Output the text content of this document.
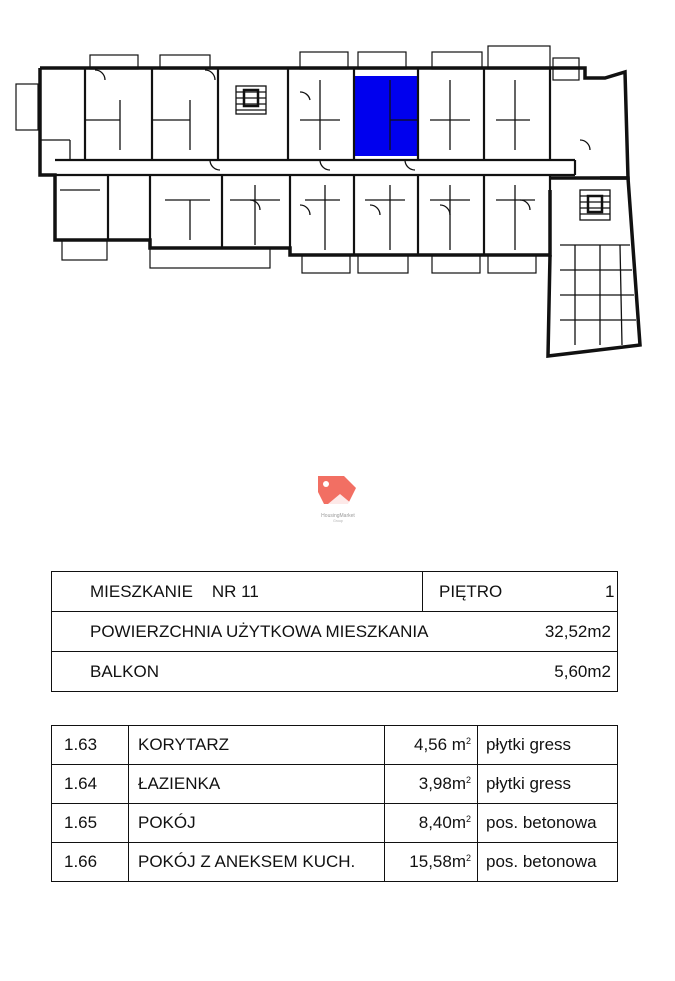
HousingMarket
Group
MIESZKANIE NR 11	PIĘTRO	1
POWIERZCHNIA UŻYTKOWA MIESZKANIA	32,52m2

BALKON	5,60m2
1.63	KORYTARZ	4,56 $m^2$	płytki gress
1.64	ŁAZIENKA	$3,98m^2$	płytki gress
1.65	POKÓJ	$8,40m^2$	pos. betonowa
1.66	POKÓJ Z ANEKSEM KUCH.	$15,58m^2$	pos. betonowa
